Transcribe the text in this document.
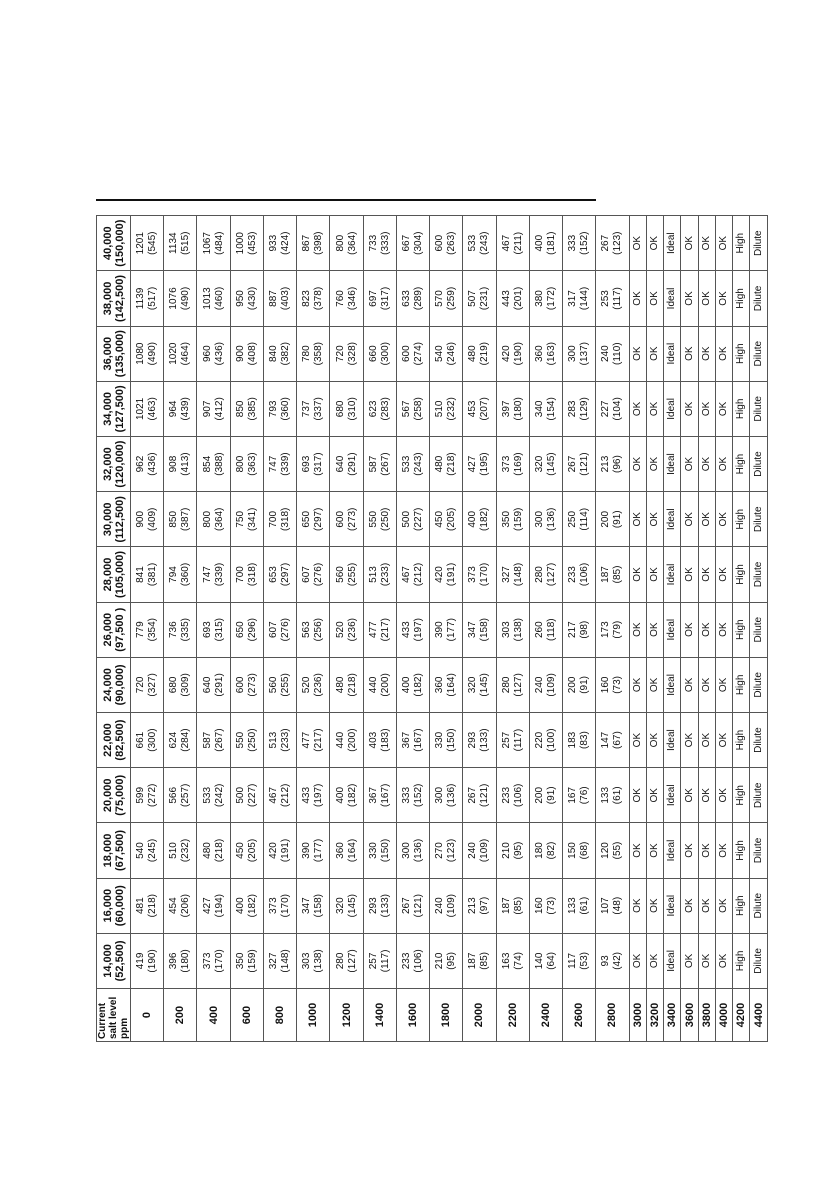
Current salt level ppm	14,000 (52,500)	16,000 (60,000)	18,000 (67,500)	20,000 (75,000)	22,000 (82,500)	24,000 (90,000)	26,000 (97,500 )	28,000 (105,000)	30,000 (112,500)	32,000 (120,000)	34,000 (127,500)	36,000 (135,000)	38,000 (142,500)	40,000 (150,000)

0	419 (190)	481 (218)	540 (245)	599 (272)	661 (300)	720 (327)	779 (354)	841 (381)	900 (409)	962 (436)	1021 (463)	1080 (490)	1139 (517)	1201 (545)

200	396 (180)	454 (206)	510 (232)	566 (257)	624 (284)	680 (309)	736 (335)	794 (360)	850 (387)	908 (413)	964 (439)	1020 (464)	1076 (490)	1134 (515)

400	373 (170)	427 (194)	480 (218)	533 (242)	587 (267)	640 (291)	693 (315)	747 (339)	800 (364)	854 (388)	907 (412)	960 (436)	1013 (460)	1067 (484)

600	350 (159)	400 (182)	450 (205)	500 (227)	550 (250)	600 (273)	650 (296)	700 (318)	750 (341)	800 (363)	850 (385)	900 (408)	950 (430)	1000 (453)

800	327 (148)	373 (170)	420 (191)	467 (212)	513 (233)	560 (255)	607 (276)	653 (297)	700 (318)	747 (339)	793 (360)	840 (382)	887 (403)	933 (424)

1000	303 (138)	347 (158)	390 (177)	433 (197)	477 (217)	520 (236)	563 (256)	607 (276)	650 (297)	693 (317)	737 (337)	780 (358)	823 (378)	867 (398)

1200	280 (127)	320 (145)	360 (164)	400 (182)	440 (200)	480 (218)	520 (236)	560 (255)	600 (273)	640 (291)	680 (310)	720 (328)	760 (346)	800 (364)

1400	257 (117)	293 (133)	330 (150)	367 (167)	403 (183)	440 (200)	477 (217)	513 (233)	550 (250)	587 (267)	623 (283)	660 (300)	697 (317)	733 (333)

1600	233 (106)	267 (121)	300 (136)	333 (152)	367 (167)	400 (182)	433 (197)	467 (212)	500 (227)	533 (243)	567 (258)	600 (274)	633 (289)	667 (304)

1800	210 (95)	240 (109)	270 (123)	300 (136)	330 (150)	360 (164)	390 (177)	420 (191)	450 (205)	480 (218)	510 (232)	540 (246)	570 (259)	600 (263)

2000	187 (85)	213 (97)	240 (109)	267 (121)	293 (133)	320 (145)	347 (158)	373 (170)	400 (182)	427 (195)	453 (207)	480 (219)	507 (231)	533 (243)

2200	163 (74)	187 (85)	210 (95)	233 (106)	257 (117)	280 (127)	303 (138)	327 (148)	350 (159)	373 (169)	397 (180)	420 (190)	443 (201)	467 (211)

2400	140 (64)	160 (73)	180 (82)	200 (91)	220 (100)	240 (109)	260 (118)	280 (127)	300 (136)	320 (145)	340 (154)	360 (163)	380 (172)	400 (181)

2600	117 (53)	133 (61)	150 (68)	167 (76)	183 (83)	200 (91)	217 (98)	233 (106)	250 (114)	267 (121)	283 (129)	300 (137)	317 (144)	333 (152)

2800	93 (42)	107 (48)	120 (55)	133 (61)	147 (67)	160 (73)	173 (79)	187 (85)	200 (91)	213 (96)	227 (104)	240 (110)	253 (117)	267 (123)

3000	OK	OK	OK	OK	OK	OK	OK	OK	OK	OK	OK	OK	OK	OK
3200	OK	OK	OK	OK	OK	OK	OK	OK	OK	OK	OK	OK	OK	OK
3400	Ideal	Ideal	Ideal	Ideal	Ideal	Ideal	Ideal	Ideal	Ideal	Ideal	Ideal	Ideal	Ideal	Ideal
3600	OK	OK	OK	OK	OK	OK	OK	OK	OK	OK	OK	OK	OK	OK
3800	OK	OK	OK	OK	OK	OK	OK	OK	OK	OK	OK	OK	OK	OK
4000	OK	OK	OK	OK	OK	OK	OK	OK	OK	OK	OK	OK	OK	OK
4200	High	High	High	High	High	High	High	High	High	High	High	High	High	High
4400	Dilute	Dilute	Dilute	Dilute	Dilute	Dilute	Dilute	Dilute	Dilute	Dilute	Dilute	Dilute	Dilute	Dilute
